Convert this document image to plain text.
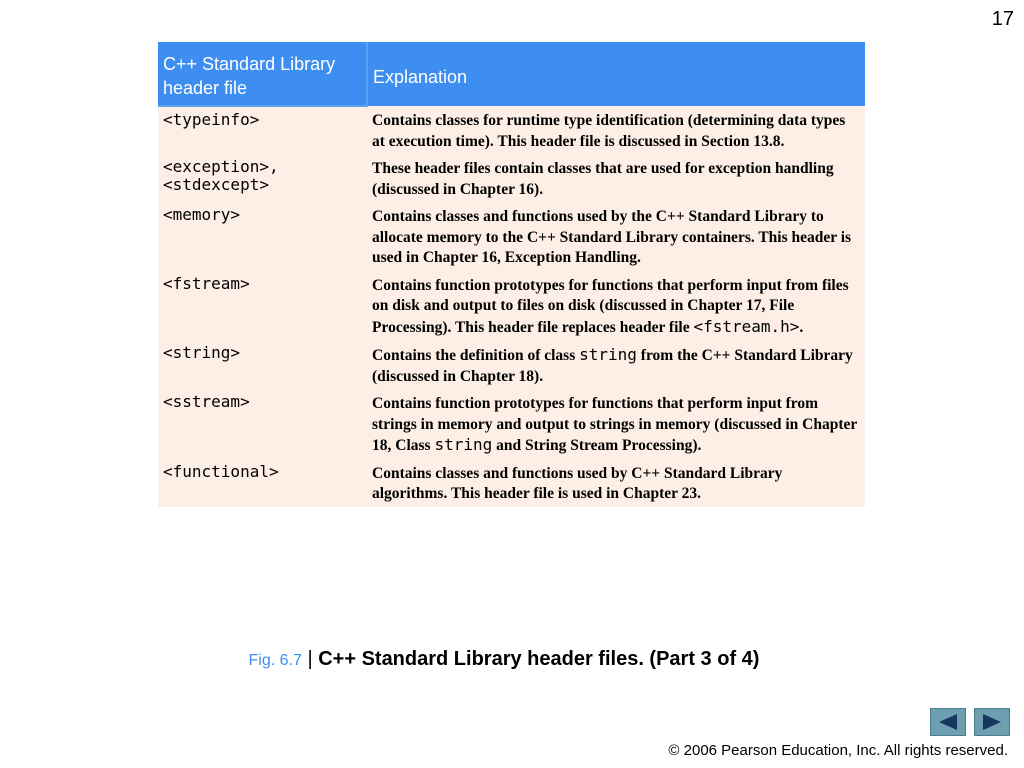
17
C++ Standard Library header file	Explanation
<typeinfo>	Contains classes for runtime type identification (determining data types at execution time). This header file is discussed in Section 13.8.
<exception>, <stdexcept>	These header files contain classes that are used for exception handling (discussed in Chapter 16).
<memory>	Contains classes and functions used by the C++ Standard Library to allocate memory to the C++ Standard Library containers. This header is used in Chapter 16, Exception Handling.
<fstream>	Contains function prototypes for functions that perform input from files on disk and output to files on disk (discussed in Chapter 17, File Processing). This header file replaces header file <fstream.h>.
<string>	Contains the definition of class string from the C++ Standard Library (discussed in Chapter 18).
<sstream>	Contains function prototypes for functions that perform input from strings in memory and output to strings in memory (discussed in Chapter 18, Class string and String Stream Processing).
<functional>	Contains classes and functions used by C++ Standard Library algorithms. This header file is used in Chapter 23.
Fig. 6.7 | C++ Standard Library header files. (Part 3 of 4)
© 2006 Pearson Education, Inc. All rights reserved.
